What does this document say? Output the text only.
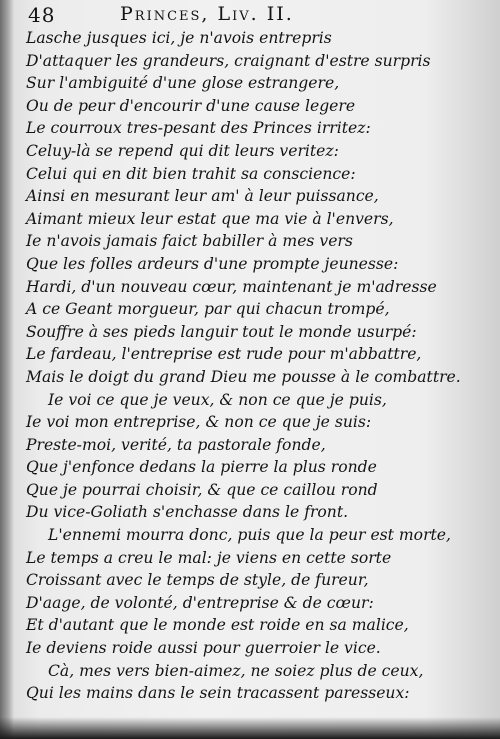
48	Princes, Liv. II.
Lasche jusques ici, je n'avois entrepris
D'attaquer les grandeurs, craignant d'estre surpris
Sur l'ambiguité d'une glose estrangere,
Ou de peur d'encourir d'une cause legere
Le courroux tres-pesant des Princes irritez:
Celuy-là se repend qui dit leurs veritez:
Celui qui en dit bien trahit sa conscience:
Ainsi en mesurant leur am' à leur puissance,
Aimant mieux leur estat que ma vie à l'envers,
Ie n'avois jamais faict babiller à mes vers
Que les folles ardeurs d'une prompte jeunesse:
Hardi, d'un nouveau cœur, maintenant je m'adresse
A ce Geant morgueur, par qui chacun trompé,
Souffre à ses pieds languir tout le monde usurpé:
Le fardeau, l'entreprise est rude pour m'abbattre,
Mais le doigt du grand Dieu me pousse à le combattre.
Ie voi ce que je veux, & non ce que je puis,
Ie voi mon entreprise, & non ce que je suis:
Preste-moi, verité, ta pastorale fonde,
Que j'enfonce dedans la pierre la plus ronde
Que je pourrai choisir, & que ce caillou rond
Du vice-Goliath s'enchasse dans le front.
L'ennemi mourra donc, puis que la peur est morte,
Le temps a creu le mal: je viens en cette sorte
Croissant avec le temps de style, de fureur,
D'aage, de volonté, d'entreprise & de cœur:
Et d'autant que le monde est roide en sa malice,
Ie deviens roide aussi pour guerroier le vice.
Cà, mes vers bien-aimez, ne soiez plus de ceux,
Qui les mains dans le sein tracassent paresseux:
